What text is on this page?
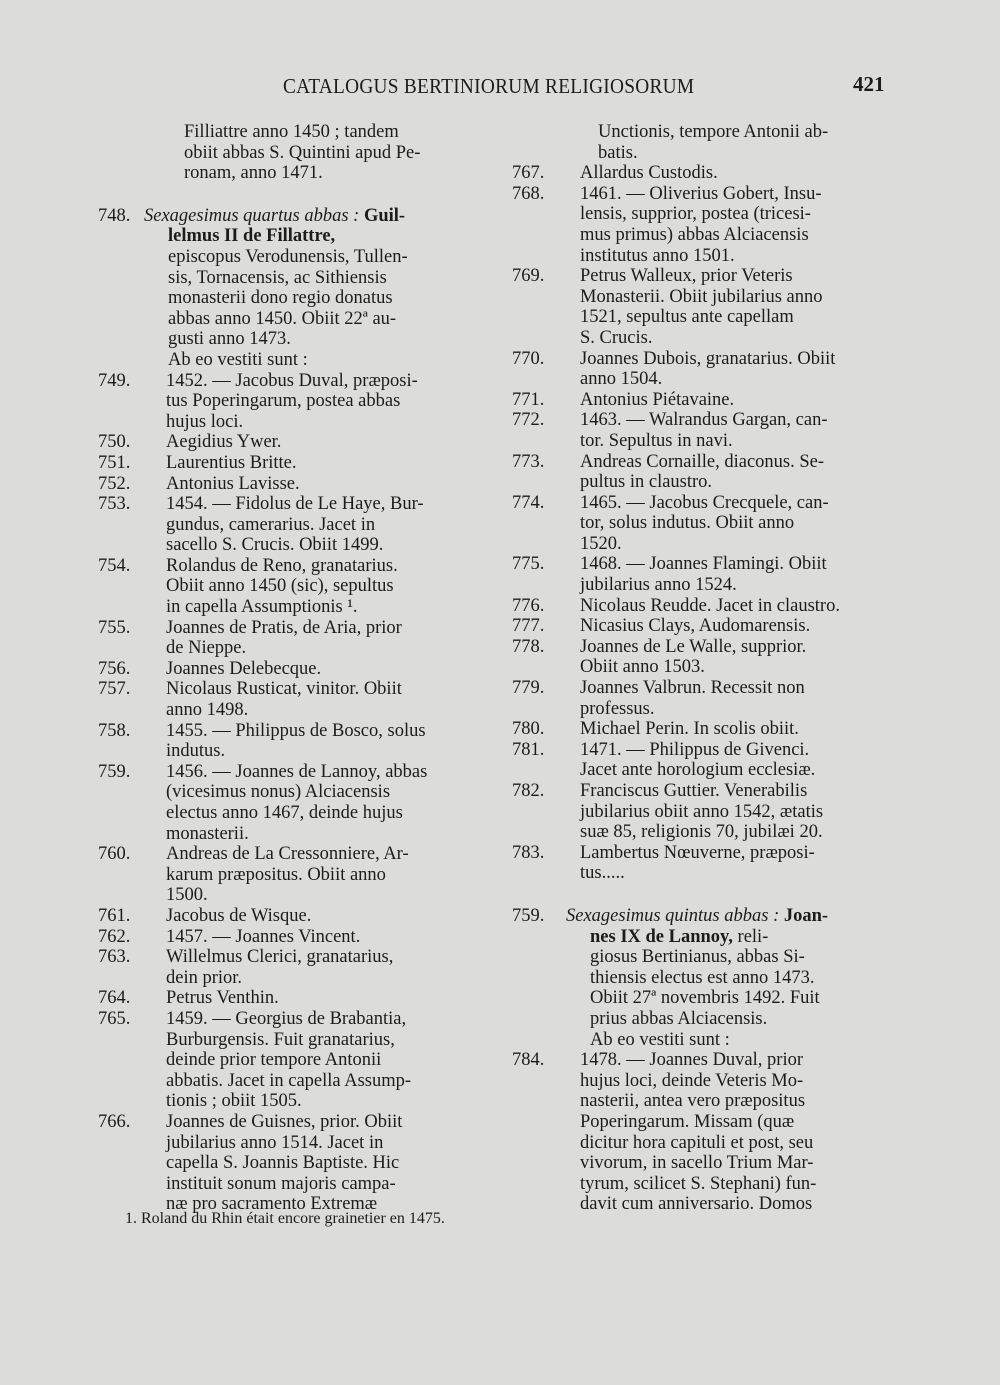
CATALOGUS BERTINIORUM RELIGIOSORUM	421
Filliattre anno 1450 ; tandem
obiit abbas S. Quintini apud Pe-
ronam, anno 1471.
748. Sexagesimus quartus abbas : Guil-
lelmus II de Fillattre,
episcopus Verodunensis, Tullen-
sis, Tornacensis, ac Sithiensis
monasterii dono regio donatus
abbas anno 1450. Obiit 22ª au-
gusti anno 1473.
Ab eo vestiti sunt :
749.	1452. — Jacobus Duval, præposi-
tus Poperingarum, postea abbas
hujus loci.
750.	Aegidius Ywer.
751.	Laurentius Britte.
752.	Antonius Lavisse.
753.	1454. — Fidolus de Le Haye, Bur-
gundus, camerarius. Jacet in
sacello S. Crucis. Obiit 1499.
754.	Rolandus de Reno, granatarius.
Obiit anno 1450 (sic), sepultus
in capella Assumptionis ¹.
755.	Joannes de Pratis, de Aria, prior
de Nieppe.
756.	Joannes Delebecque.
757.	Nicolaus Rusticat, vinitor. Obiit
anno 1498.
758.	1455. — Philippus de Bosco, solus
indutus.
759.	1456. — Joannes de Lannoy, abbas
(vicesimus nonus) Alciacensis
electus anno 1467, deinde hujus
monasterii.
760.	Andreas de La Cressonniere, Ar-
karum præpositus. Obiit anno
1500.
761.	Jacobus de Wisque.
762.	1457. — Joannes Vincent.
763.	Willelmus Clerici, granatarius,
dein prior.
764.	Petrus Venthin.
765.	1459. — Georgius de Brabantia,
Burburgensis. Fuit granatarius,
deinde prior tempore Antonii
abbatis. Jacet in capella Assump-
tionis ; obiit 1505.
766.	Joannes de Guisnes, prior. Obiit
jubilarius anno 1514. Jacet in
capella S. Joannis Baptiste. Hic
instituit sonum majoris campa-
næ pro sacramento Extremæ
Unctionis, tempore Antonii ab-
batis.
767.	Allardus Custodis.
768.	1461. — Oliverius Gobert, Insu-
lensis, supprior, postea (tricesi-
mus primus) abbas Alciacensis
institutus anno 1501.
769.	Petrus Walleux, prior Veteris
Monasterii. Obiit jubilarius anno
1521, sepultus ante capellam
S. Crucis.
770.	Joannes Dubois, granatarius. Obiit
anno 1504.
771.	Antonius Piétavaine.
772.	1463. — Walrandus Gargan, can-
tor. Sepultus in navi.
773.	Andreas Cornaille, diaconus. Se-
pultus in claustro.
774.	1465. — Jacobus Crecquele, can-
tor, solus indutus. Obiit anno
1520.
775.	1468. — Joannes Flamingi. Obiit
jubilarius anno 1524.
776.	Nicolaus Reudde. Jacet in claustro.
777.	Nicasius Clays, Audomarensis.
778.	Joannes de Le Walle, supprior.
Obiit anno 1503.
779.	Joannes Valbrun. Recessit non
professus.
780.	Michael Perin. In scolis obiit.
781.	1471. — Philippus de Givenci.
Jacet ante horologium ecclesiæ.
782.	Franciscus Guttier. Venerabilis
jubilarius obiit anno 1542, ætatis
suæ 85, religionis 70, jubilæi 20.
783.	Lambertus Nœuverne, præposi-
tus.....
759.	Sexagesimus quintus abbas : Joan-
nes IX de Lannoy, reli-
giosus Bertinianus, abbas Si-
thiensis electus est anno 1473.
Obiit 27ª novembris 1492. Fuit
prius abbas Alciacensis.
Ab eo vestiti sunt :
784.	1478. — Joannes Duval, prior
hujus loci, deinde Veteris Mo-
nasterii, antea vero præpositus
Poperingarum. Missam (quæ
dicitur hora capituli et post, seu
vivorum, in sacello Trium Mar-
tyrum, scilicet S. Stephani) fun-
davit cum anniversario. Domos
1. Roland du Rhin était encore grainetier en 1475.
